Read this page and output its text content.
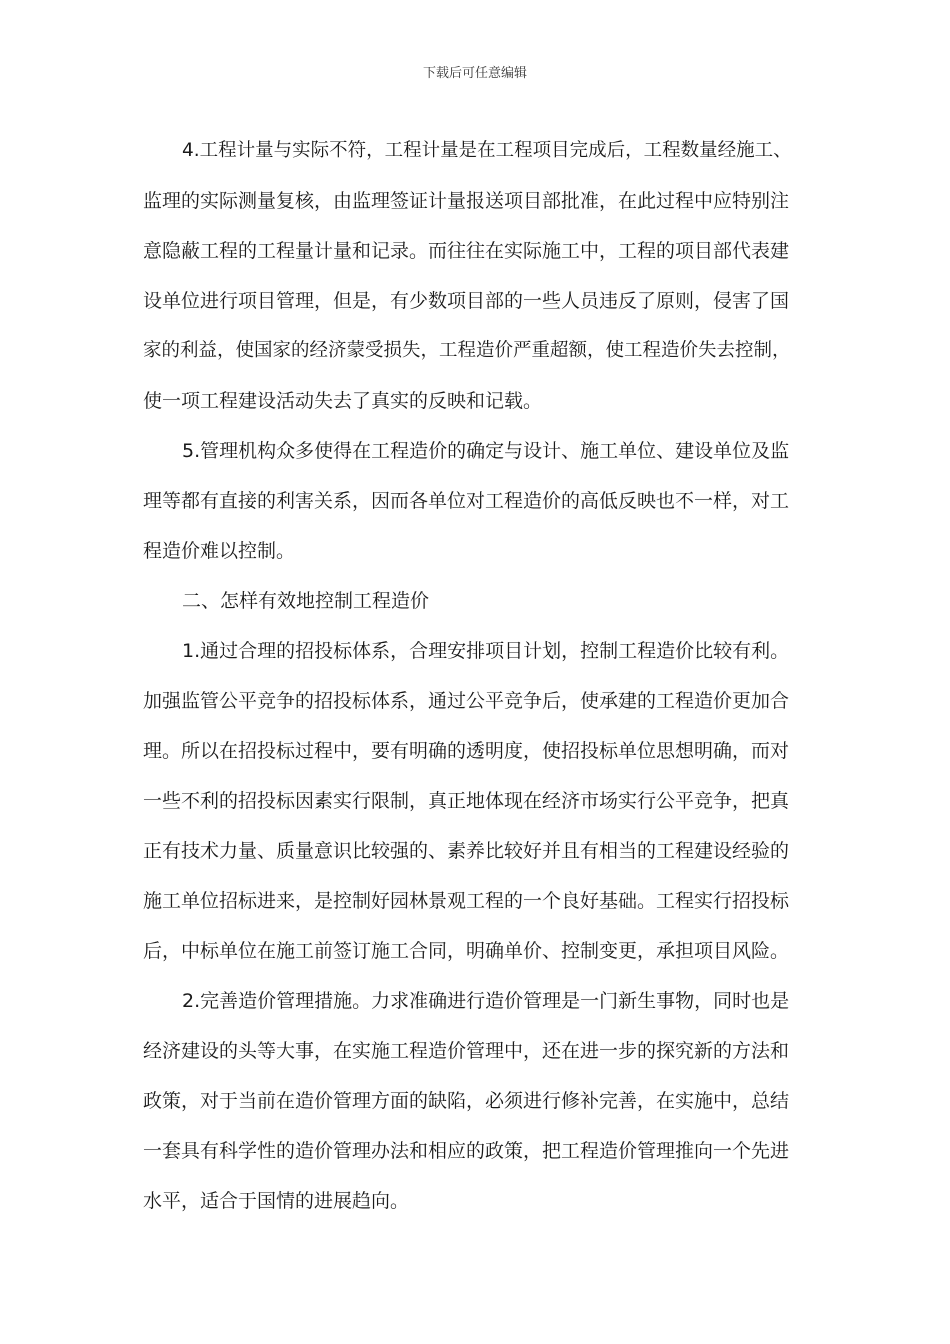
下载后可任意编辑
4.工程计量与实际不符，工程计量是在工程项目完成后，工程数量经施工、
监理的实际测量复核，由监理签证计量报送项目部批准，在此过程中应特别注
意隐蔽工程的工程量计量和记录。而往往在实际施工中，工程的项目部代表建
设单位进行项目管理，但是，有少数项目部的一些人员违反了原则，侵害了国
家的利益，使国家的经济蒙受损失，工程造价严重超额，使工程造价失去控制，
使一项工程建设活动失去了真实的反映和记载。
5.管理机构众多使得在工程造价的确定与设计、施工单位、建设单位及监
理等都有直接的利害关系，因而各单位对工程造价的高低反映也不一样，对工
程造价难以控制。
二、怎样有效地控制工程造价
1.通过合理的招投标体系，合理安排项目计划，控制工程造价比较有利。
加强监管公平竞争的招投标体系，通过公平竞争后，使承建的工程造价更加合
理。所以在招投标过程中，要有明确的透明度，使招投标单位思想明确，而对
一些不利的招投标因素实行限制，真正地体现在经济市场实行公平竞争，把真
正有技术力量、质量意识比较强的、素养比较好并且有相当的工程建设经验的
施工单位招标进来，是控制好园林景观工程的一个良好基础。工程实行招投标
后，中标单位在施工前签订施工合同，明确单价、控制变更，承担项目风险。
2.完善造价管理措施。力求准确进行造价管理是一门新生事物，同时也是
经济建设的头等大事，在实施工程造价管理中，还在进一步的探究新的方法和
政策，对于当前在造价管理方面的缺陷，必须进行修补完善，在实施中，总结
一套具有科学性的造价管理办法和相应的政策，把工程造价管理推向一个先进
水平，适合于国情的进展趋向。
